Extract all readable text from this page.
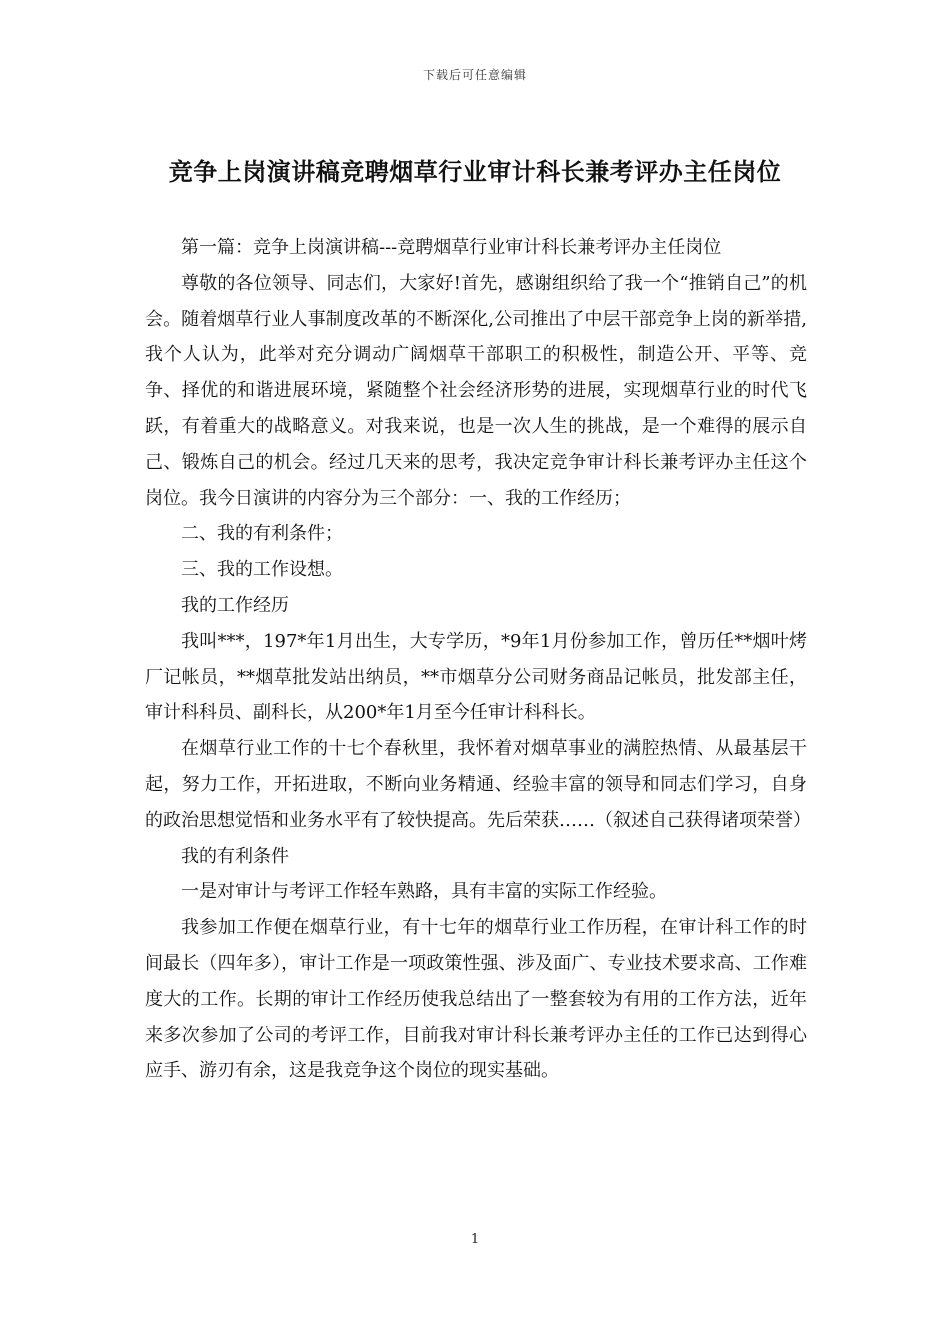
下载后可任意编辑
竞争上岗演讲稿竞聘烟草行业审计科长兼考评办主任岗位

第一篇：竞争上岗演讲稿---竞聘烟草行业审计科长兼考评办主任岗位

尊敬的各位领导、同志们，大家好!首先，感谢组织给了我一个“推销自己”的机会。随着烟草行业人事制度改革的不断深化,公司推出了中层干部竞争上岗的新举措,我个人认为，此举对充分调动广阔烟草干部职工的积极性，制造公开、平等、竞争、择优的和谐进展环境，紧随整个社会经济形势的进展，实现烟草行业的时代飞跃，有着重大的战略意义。对我来说，也是一次人生的挑战，是一个难得的展示自己、锻炼自己的机会。经过几天来的思考，我决定竞争审计科长兼考评办主任这个岗位。我今日演讲的内容分为三个部分：一、我的工作经历；

二、我的有利条件；

三、我的工作设想。

我的工作经历

我叫***，197*年1月出生，大专学历，*9年1月份参加工作，曾历任**烟叶烤厂记帐员，**烟草批发站出纳员，**市烟草分公司财务商品记帐员，批发部主任，审计科科员、副科长，从200*年1月至今任审计科科长。

在烟草行业工作的十七个春秋里，我怀着对烟草事业的满腔热情、从最基层干起，努力工作，开拓进取，不断向业务精通、经验丰富的领导和同志们学习，自身的政治思想觉悟和业务水平有了较快提高。先后荣获……（叙述自己获得诸项荣誉）

我的有利条件

一是对审计与考评工作轻车熟路，具有丰富的实际工作经验。

我参加工作便在烟草行业，有十七年的烟草行业工作历程，在审计科工作的时间最长（四年多），审计工作是一项政策性强、涉及面广、专业技术要求高、工作难度大的工作。长期的审计工作经历使我总结出了一整套较为有用的工作方法，近年来多次参加了公司的考评工作，目前我对审计科长兼考评办主任的工作已达到得心应手、游刃有余，这是我竞争这个岗位的现实基础。

1
